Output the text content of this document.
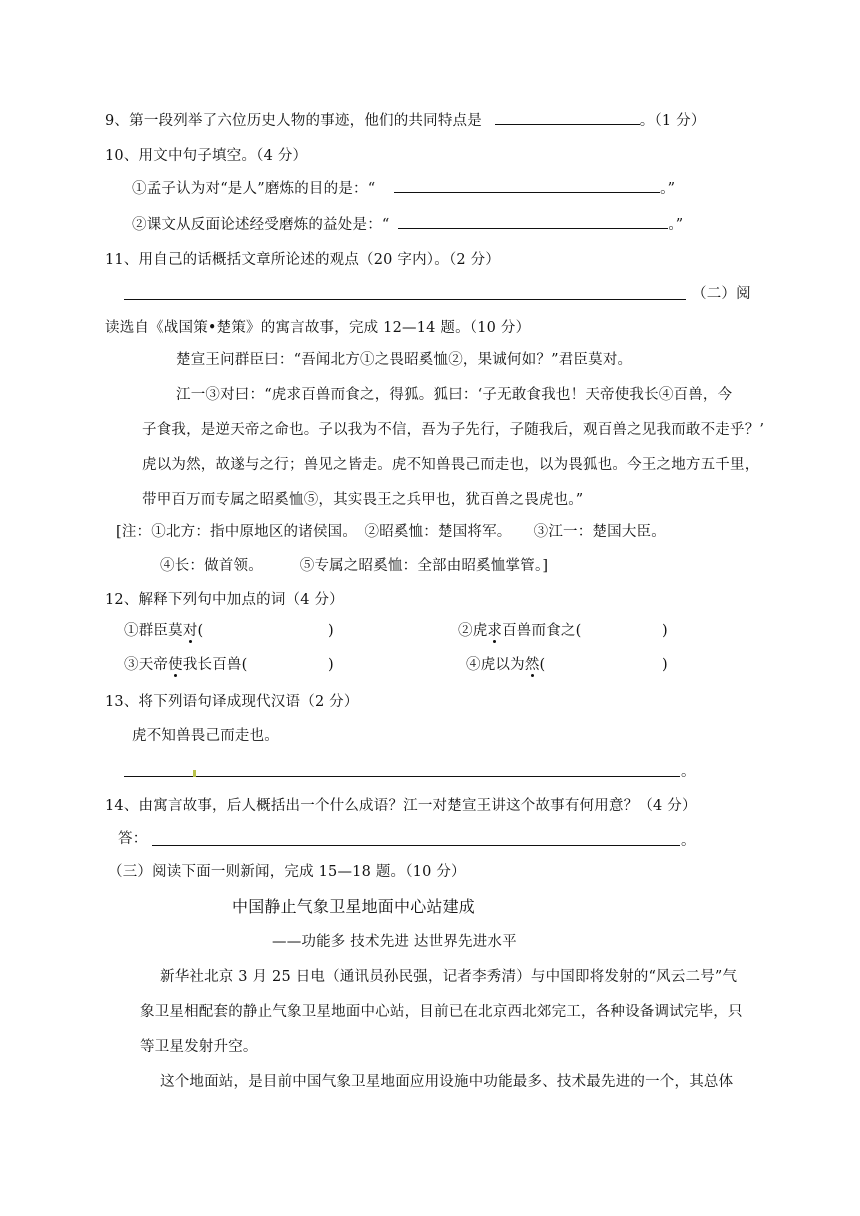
9、第一段列举了六位历史人物的事迹，他们的共同特点是	。（1 分）
10、用文中句子填空。（4 分）
①孟子认为对“是人”磨炼的目的是：“	。”
②课文从反面论述经受磨炼的益处是：“	。”
11、用自己的话概括文章所论述的观点（20 字内）。（2 分）
（二）阅
读选自《战国策•楚策》的寓言故事，完成 12—14 题。（10 分）
楚宣王问群臣曰：“吾闻北方①之畏昭奚恤②，果诚何如？”君臣莫对。
江一③对曰：“虎求百兽而食之，得狐。狐曰：‘子无敢食我也！天帝使我长④百兽，今
子食我，是逆天帝之命也。子以我为不信，吾为子先行，子随我后，观百兽之见我而敢不走乎？’
虎以为然，故遂与之行；兽见之皆走。虎不知兽畏己而走也，以为畏狐也。今王之地方五千里，
带甲百万而专属之昭奚恤⑤，其实畏王之兵甲也，犹百兽之畏虎也。”
[注：①北方：指中原地区的诸侯国。　②昭奚恤：楚国将军。　　③江一：楚国大臣。
④长：做首领。　　　⑤专属之昭奚恤：全部由昭奚恤掌管。]
12、解释下列句中加点的词（4 分）
①群臣莫对(	)	②虎求百兽而食之(	)
③天帝使我长百兽(	)	④虎以为然(	)
13、将下列语句译成现代汉语（2 分）
虎不知兽畏己而走也。
。
14、由寓言故事，后人概括出一个什么成语？江一对楚宣王讲这个故事有何用意？（4 分）
答：	。
（三）阅读下面一则新闻，完成 15—18 题。（10 分）
中国静止气象卫星地面中心站建成
——功能多 技术先进 达世界先进水平
新华社北京 3 月 25 日电（通讯员孙民强，记者李秀清）与中国即将发射的“风云二号”气
象卫星相配套的静止气象卫星地面中心站，目前已在北京西北郊完工，各种设备调试完毕，只
等卫星发射升空。
这个地面站，是目前中国气象卫星地面应用设施中功能最多、技术最先进的一个，其总体
